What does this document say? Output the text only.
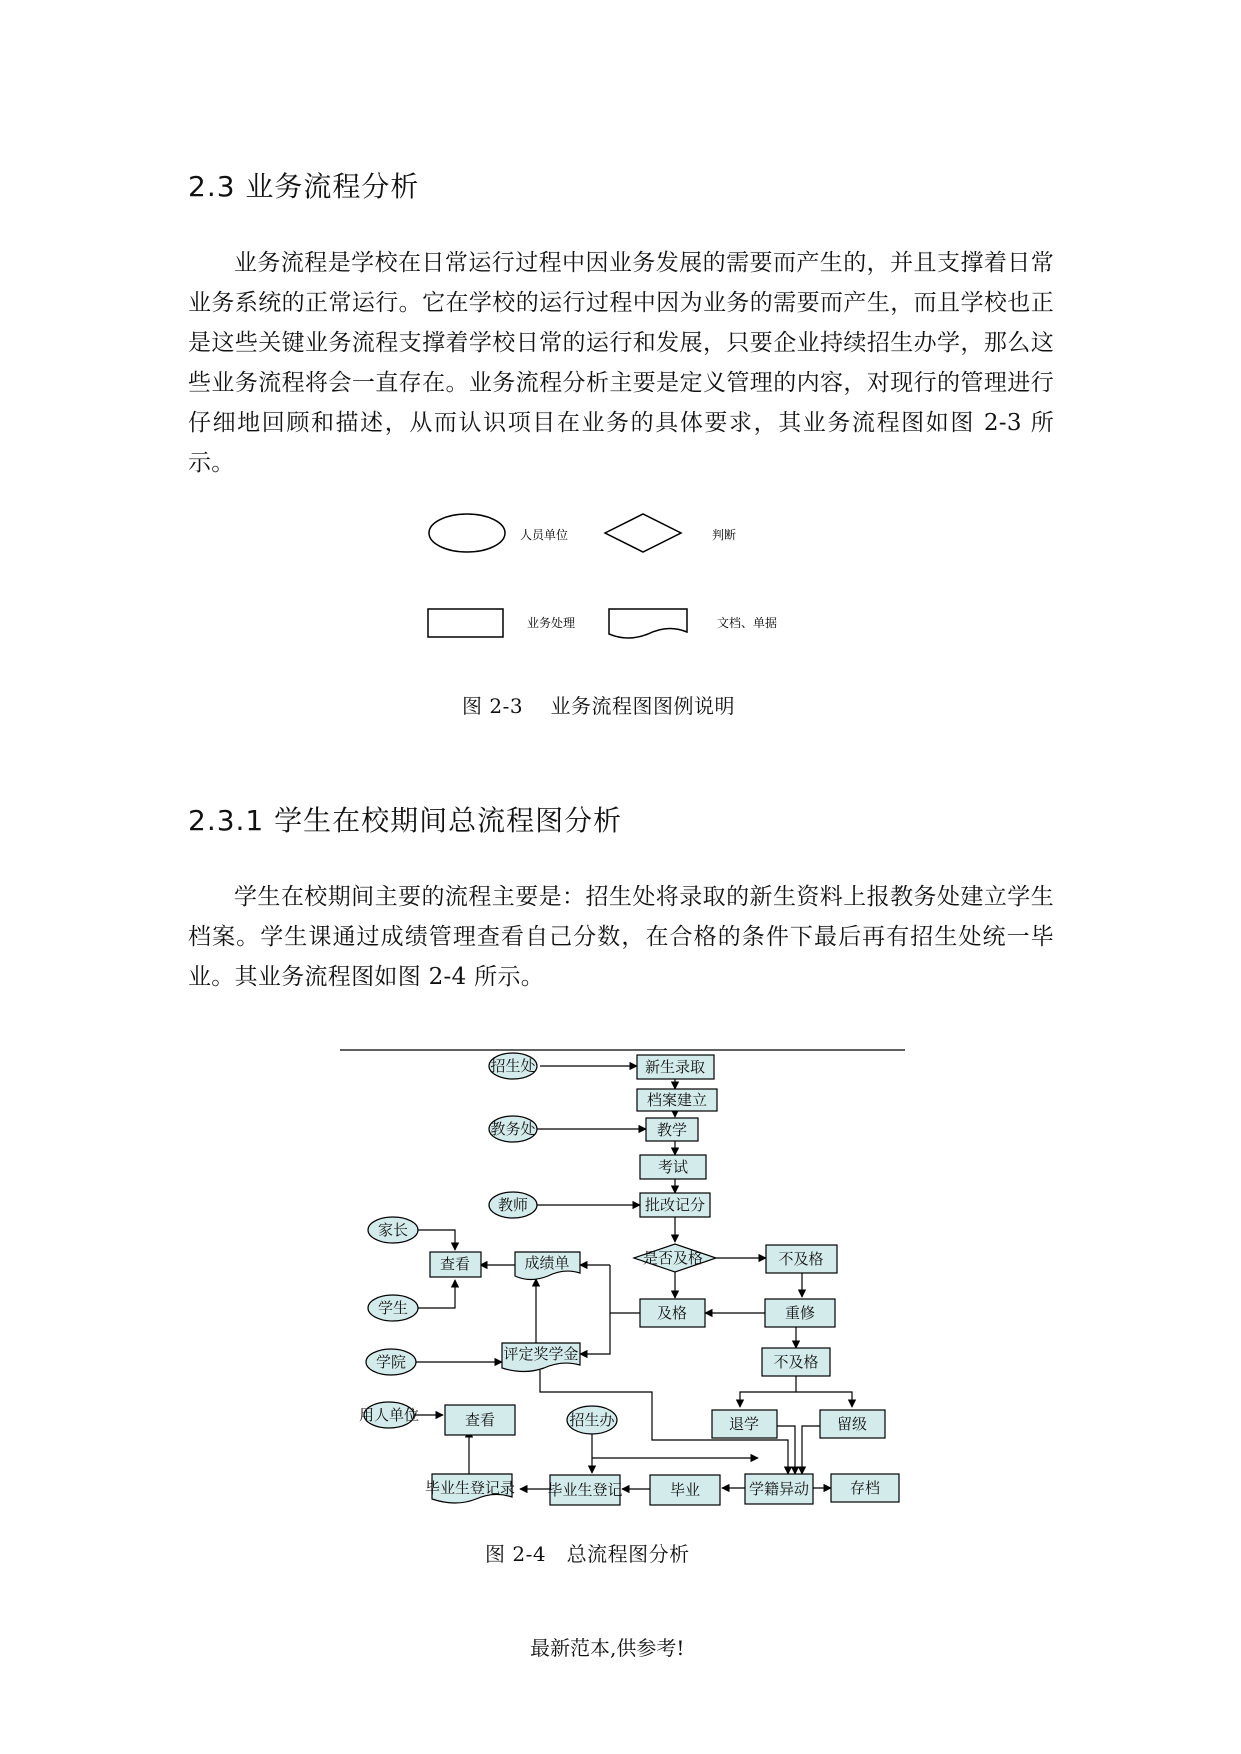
2.3 业务流程分析

业务流程是学校在日常运行过程中因业务发展的需要而产生的，并且支撑着日常业务系统的正常运行。它在学校的运行过程中因为业务的需要而产生，而且学校也正是这些关键业务流程支撑着学校日常的运行和发展，只要企业持续招生办学，那么这些业务流程将会一直存在。业务流程分析主要是定义管理的内容，对现行的管理进行仔细地回顾和描述，从而认识项目在业务的具体要求，其业务流程图如图 2-3 所示。

人员单位	判断
业务处理	文档、单据
图 2-3    业务流程图图例说明
2.3.1 学生在校期间总流程图分析

学生在校期间主要的流程主要是：招生处将录取的新生资料上报教务处建立学生档案。学生课通过成绩管理查看自己分数，在合格的条件下最后再有招生处统一毕业。其业务流程图如图 2-4 所示。

招生处	新生录取
档案建立
教务处	教学
考试
教师	批改记分
家长
查看	成绩单	是否及格	不及格
学生	及格	重修
学院	评定奖学金	不及格
用人单位	查看	招生办	退学	留级
毕业生登记录 毕业生登记	毕业	学籍异动	存档
图 2-4   总流程图分析
最新范本,供参考!
